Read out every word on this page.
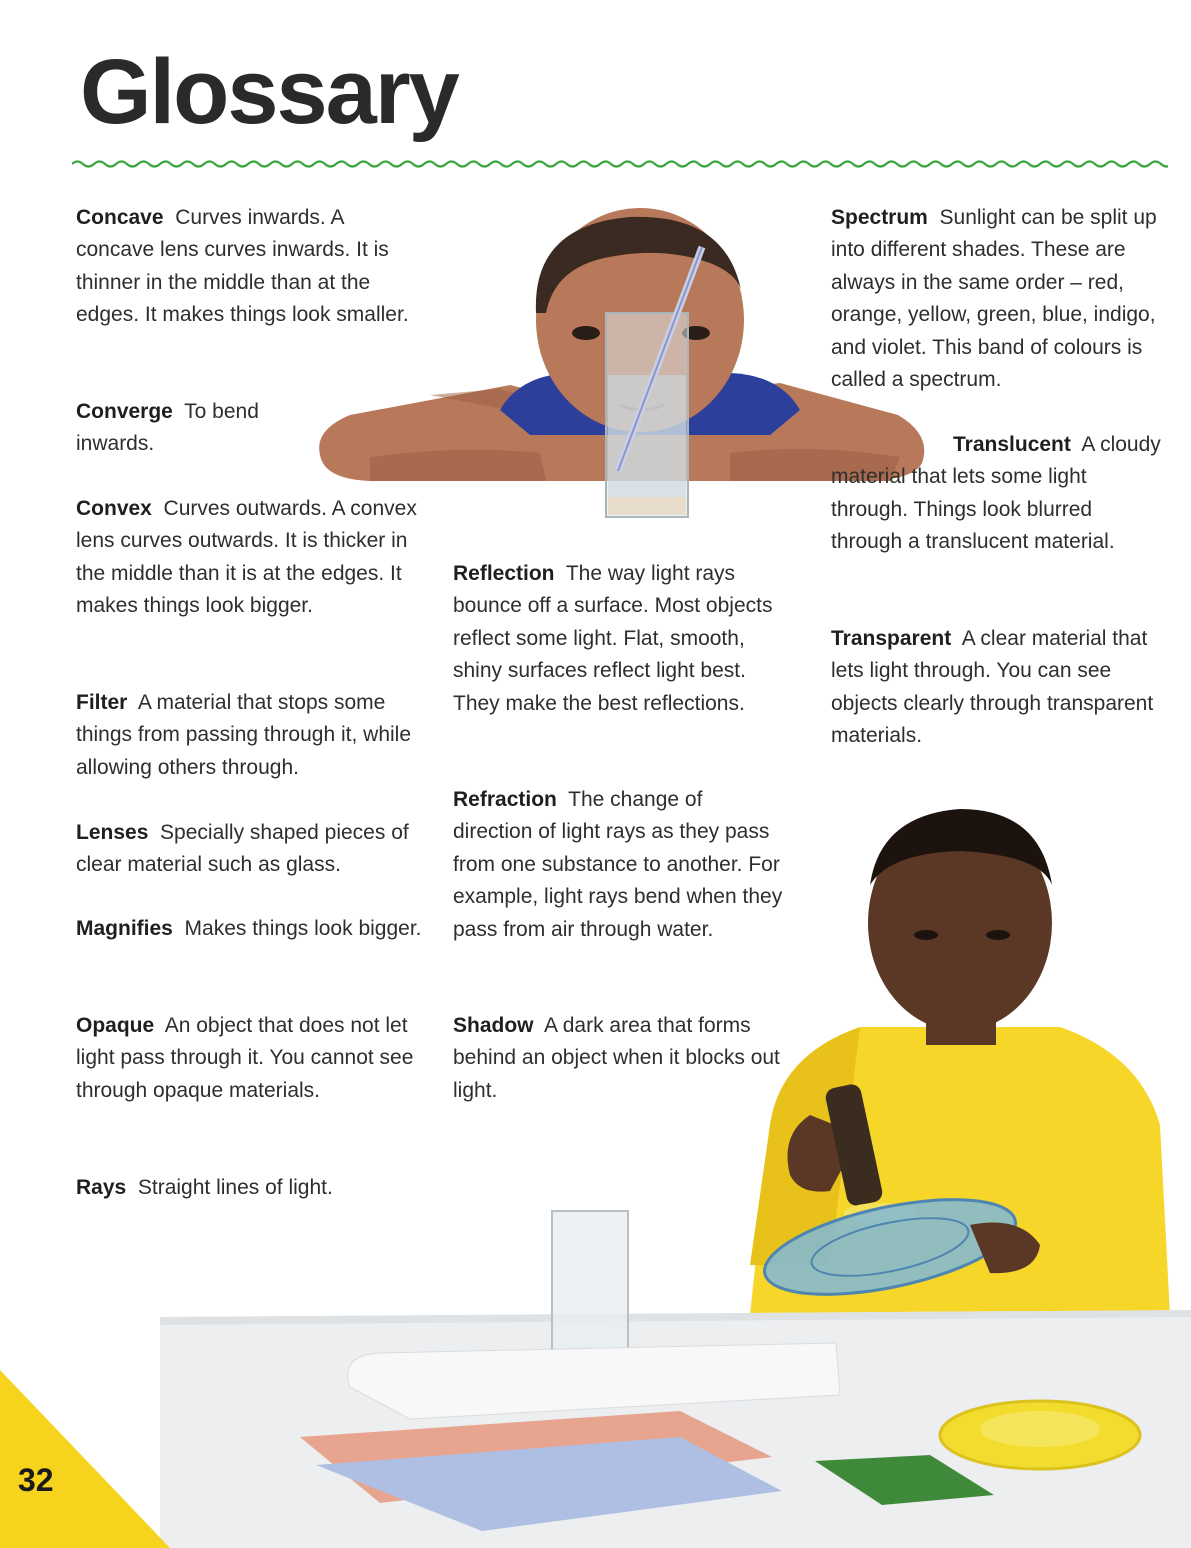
Glossary

Concave Curves inwards. A concave lens curves inwards. It is thinner in the middle than at the edges. It makes things look smaller.

Converge To bend inwards.

Convex Curves outwards. A convex lens curves outwards. It is thicker in the middle than it is at the edges. It makes things look bigger.

Filter A material that stops some things from passing through it, while allowing others through.

Lenses Specially shaped pieces of clear material such as glass.

Magnifies Makes things look bigger.

Opaque An object that does not let light pass through it. You cannot see through opaque materials.

Rays Straight lines of light.

Reflection The way light rays bounce off a surface. Most objects reflect some light. Flat, smooth, shiny surfaces reflect light best. They make the best reflections.

Refraction The change of direction of light rays as they pass from one substance to another. For example, light rays bend when they pass from air through water.

Shadow A dark area that forms behind an object when it blocks out light.

Spectrum Sunlight can be split up into different shades. These are always in the same order – red, orange, yellow, green, blue, indigo, and violet. This band of colours is called a spectrum.

Translucent A cloudy material that lets some light through. Things look blurred through a translucent material.

Transparent A clear material that lets light through. You can see objects clearly through transparent materials.

32
